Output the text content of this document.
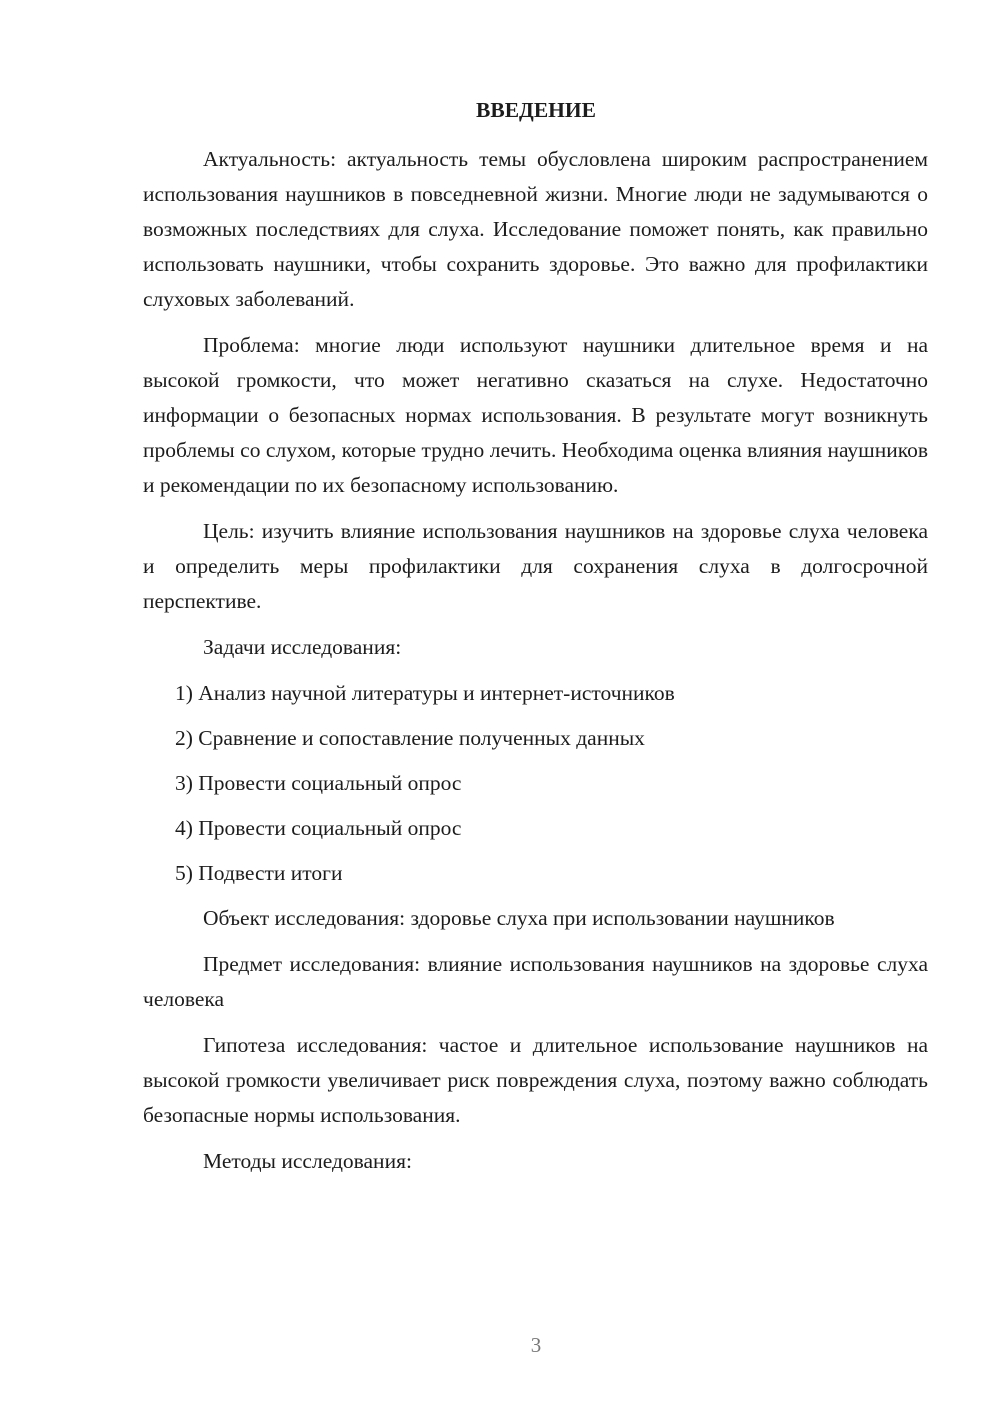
ВВЕДЕНИЕ

Актуальность: актуальность темы обусловлена широким распространением использования наушников в повседневной жизни. Многие люди не задумываются о возможных последствиях для слуха. Исследование поможет понять, как правильно использовать наушники, чтобы сохранить здоровье. Это важно для профилактики слуховых заболеваний.

Проблема: многие люди используют наушники длительное время и на высокой громкости, что может негативно сказаться на слухе. Недостаточно информации о безопасных нормах использования. В результате могут возникнуть проблемы со слухом, которые трудно лечить. Необходима оценка влияния наушников и рекомендации по их безопасному использованию.

Цель: изучить влияние использования наушников на здоровье слуха человека и определить меры профилактики для сохранения слуха в долгосрочной перспективе.

Задачи исследования:

1) Анализ научной литературы и интернет-источников

2) Сравнение и сопоставление полученных данных

3) Провести социальный опрос

4) Провести социальный опрос

5) Подвести итоги

Объект исследования: здоровье слуха при использовании наушников

Предмет исследования: влияние использования наушников на здоровье слуха человека

Гипотеза исследования: частое и длительное использование наушников на высокой громкости увеличивает риск повреждения слуха, поэтому важно соблюдать безопасные нормы использования.

Методы исследования:

3
